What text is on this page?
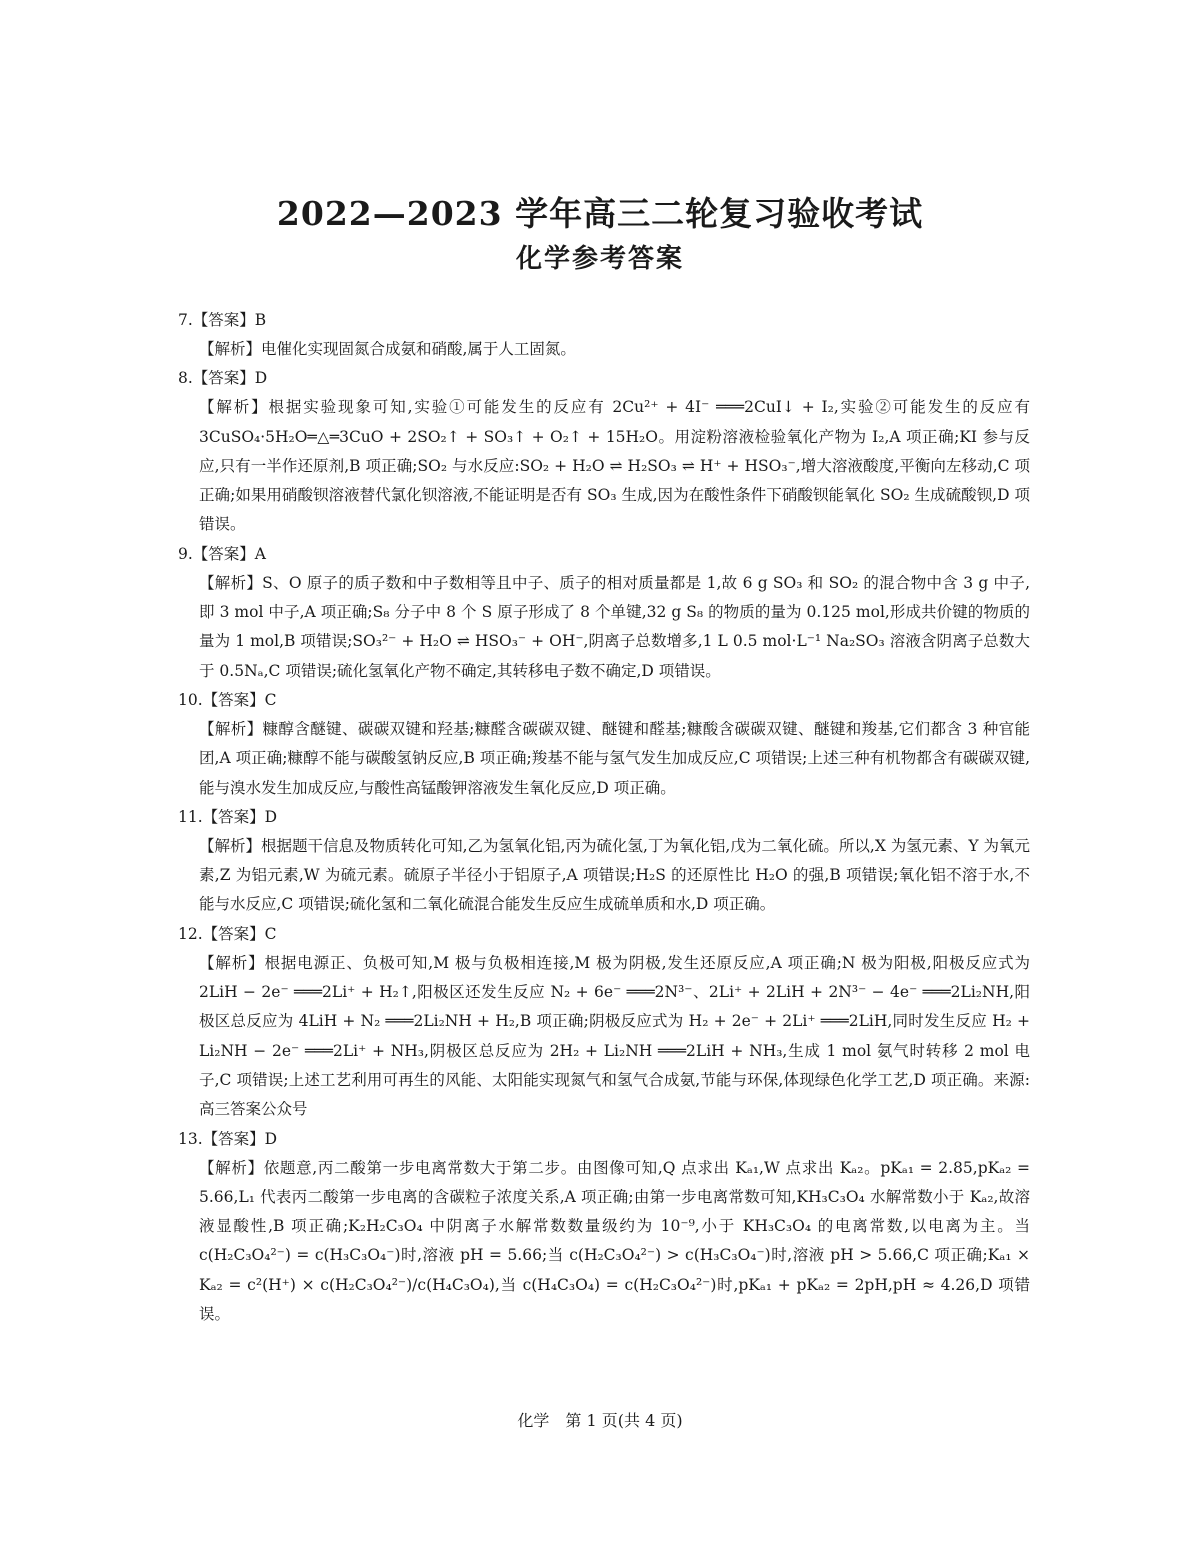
2022—2023 学年高三二轮复习验收考试
化学参考答案
7.【答案】B
【解析】电催化实现固氮合成氨和硝酸,属于人工固氮。
8.【答案】D
【解析】根据实验现象可知,实验①可能发生的反应有 2Cu²⁺ + 4I⁻ ═══2CuI↓ + I₂,实验②可能发生的反应有 3CuSO₄·5H₂O═△═3CuO + 2SO₂↑ + SO₃↑ + O₂↑ + 15H₂O。用淀粉溶液检验氧化产物为 I₂,A 项正确;KI 参与反应,只有一半作还原剂,B 项正确;SO₂ 与水反应:SO₂ + H₂O ⇌ H₂SO₃ ⇌ H⁺ + HSO₃⁻,增大溶液酸度,平衡向左移动,C 项正确;如果用硝酸钡溶液替代氯化钡溶液,不能证明是否有 SO₃ 生成,因为在酸性条件下硝酸钡能氧化 SO₂ 生成硫酸钡,D 项错误。
9.【答案】A
【解析】S、O 原子的质子数和中子数相等且中子、质子的相对质量都是 1,故 6 g SO₃ 和 SO₂ 的混合物中含 3 g 中子,即 3 mol 中子,A 项正确;S₈ 分子中 8 个 S 原子形成了 8 个单键,32 g S₈ 的物质的量为 0.125 mol,形成共价键的物质的量为 1 mol,B 项错误;SO₃²⁻ + H₂O ⇌ HSO₃⁻ + OH⁻,阴离子总数增多,1 L 0.5 mol·L⁻¹ Na₂SO₃ 溶液含阴离子总数大于 0.5Nₐ,C 项错误;硫化氢氧化产物不确定,其转移电子数不确定,D 项错误。
10.【答案】C
【解析】糠醇含醚键、碳碳双键和羟基;糠醛含碳碳双键、醚键和醛基;糠酸含碳碳双键、醚键和羧基,它们都含 3 种官能团,A 项正确;糠醇不能与碳酸氢钠反应,B 项正确;羧基不能与氢气发生加成反应,C 项错误;上述三种有机物都含有碳碳双键,能与溴水发生加成反应,与酸性高锰酸钾溶液发生氧化反应,D 项正确。
11.【答案】D
【解析】根据题干信息及物质转化可知,乙为氢氧化铝,丙为硫化氢,丁为氧化铝,戊为二氧化硫。所以,X 为氢元素、Y 为氧元素,Z 为铝元素,W 为硫元素。硫原子半径小于铝原子,A 项错误;H₂S 的还原性比 H₂O 的强,B 项错误;氧化铝不溶于水,不能与水反应,C 项错误;硫化氢和二氧化硫混合能发生反应生成硫单质和水,D 项正确。
12.【答案】C
【解析】根据电源正、负极可知,M 极与负极相连接,M 极为阴极,发生还原反应,A 项正确;N 极为阳极,阳极反应式为 2LiH − 2e⁻ ═══2Li⁺ + H₂↑,阳极区还发生反应 N₂ + 6e⁻ ═══2N³⁻、2Li⁺ + 2LiH + 2N³⁻ − 4e⁻ ═══2Li₂NH,阳极区总反应为 4LiH + N₂ ═══2Li₂NH + H₂,B 项正确;阴极反应式为 H₂ + 2e⁻ + 2Li⁺ ═══2LiH,同时发生反应 H₂ + Li₂NH − 2e⁻ ═══2Li⁺ + NH₃,阴极区总反应为 2H₂ + Li₂NH ═══2LiH + NH₃,生成 1 mol 氨气时转移 2 mol 电子,C 项错误;上述工艺利用可再生的风能、太阳能实现氮气和氢气合成氨,节能与环保,体现绿色化学工艺,D 项正确。来源:高三答案公众号
13.【答案】D
【解析】依题意,丙二酸第一步电离常数大于第二步。由图像可知,Q 点求出 Kₐ₁,W 点求出 Kₐ₂。pKₐ₁ = 2.85,pKₐ₂ = 5.66,L₁ 代表丙二酸第一步电离的含碳粒子浓度关系,A 项正确;由第一步电离常数可知,KH₃C₃O₄ 水解常数小于 Kₐ₂,故溶液显酸性,B 项正确;K₂H₂C₃O₄ 中阴离子水解常数数量级约为 10⁻⁹,小于 KH₃C₃O₄ 的电离常数,以电离为主。当 c(H₂C₃O₄²⁻) = c(H₃C₃O₄⁻)时,溶液 pH = 5.66;当 c(H₂C₃O₄²⁻) > c(H₃C₃O₄⁻)时,溶液 pH > 5.66,C 项正确;Kₐ₁ × Kₐ₂ = c²(H⁺) × c(H₂C₃O₄²⁻)/c(H₄C₃O₄),当 c(H₄C₃O₄) = c(H₂C₃O₄²⁻)时,pKₐ₁ + pKₐ₂ = 2pH,pH ≈ 4.26,D 项错误。
化学　第 1 页(共 4 页)
